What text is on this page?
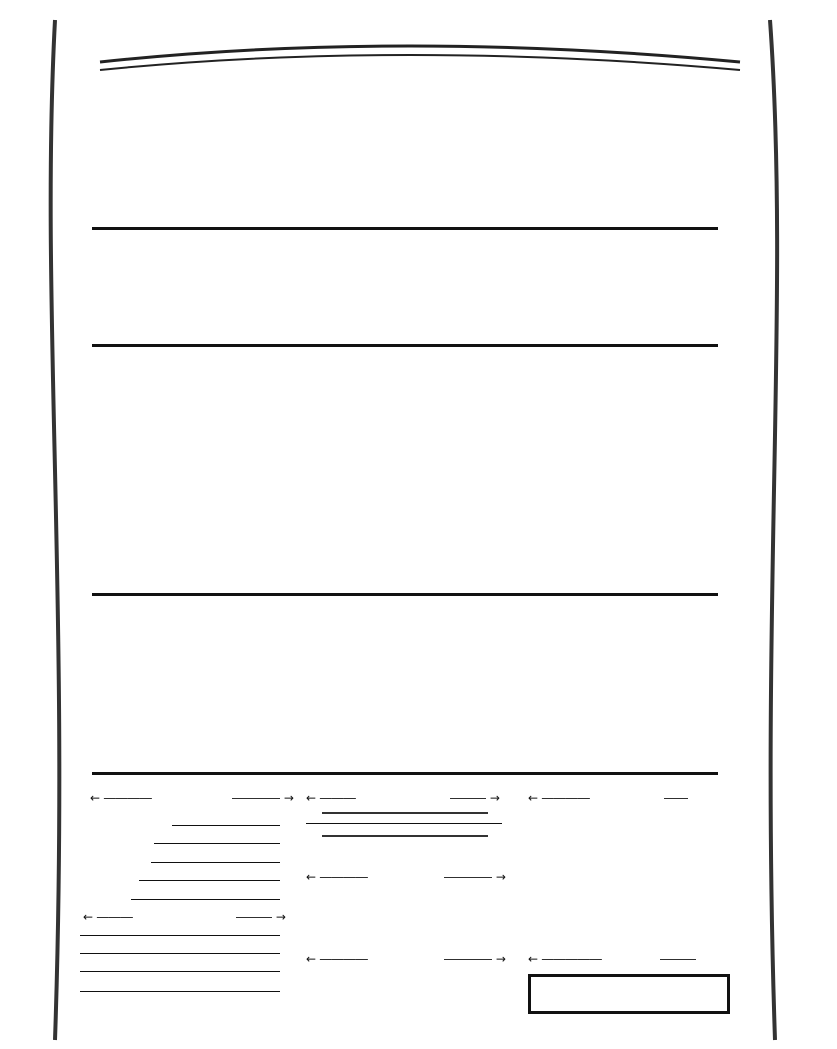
← ――――	―――― →
← ―――	――― →
← ―――	――― →
← ――――	―――― →
← ――――	―――― →
← ――――	――
← ―――――	―――
